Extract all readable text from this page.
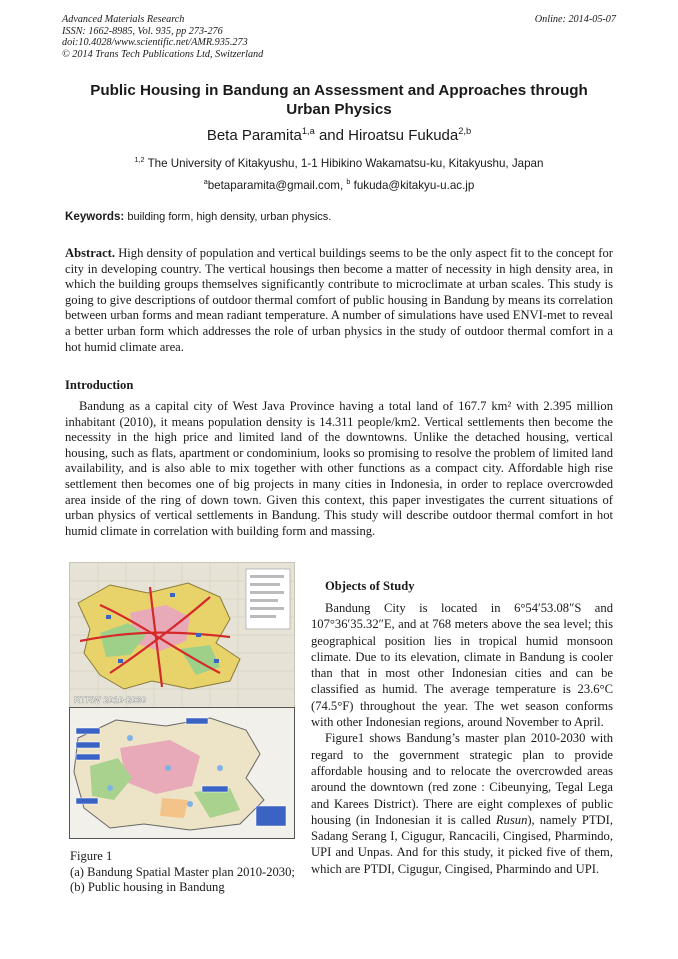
Advanced Materials Research
ISSN: 1662-8985, Vol. 935, pp 273-276
doi:10.4028/www.scientific.net/AMR.935.273
© 2014 Trans Tech Publications Ltd, Switzerland
Online: 2014-05-07
Public Housing in Bandung an Assessment and Approaches through
Urban Physics
Beta Paramita$^{1,a}$ and Hiroatsu Fukuda$^{2,b}$
$^{1,2}$ The University of Kitakyushu, 1-1 Hibikino Wakamatsu-ku, Kitakyushu, Japan
$^a$betaparamita@gmail.com, $^b$ fukuda@kitakyu-u.ac.jp
Keywords: building form, high density, urban physics.

Abstract. High density of population and vertical buildings seems to be the only aspect fit to the concept for city in developing country. The vertical housings then become a matter of necessity in high density area, in which the building groups themselves significantly contribute to microclimate at urban scales. This study is going to give descriptions of outdoor thermal comfort of public housing in Bandung by means its correlation between urban forms and mean radiant temperature. A number of simulations have used ENVI-met to reveal a better urban form which addresses the role of urban physics in the study of outdoor thermal comfort in a hot humid climate area.

Introduction

Bandung as a capital city of West Java Province having a total land of 167.7 km² with 2.395 million inhabitant (2010), it means population density is 14.311 people/km2. Vertical settlements then become the necessity in the high price and limited land of the downtowns. Unlike the detached housing, vertical housing, such as flats, apartment or condominium, looks so promising to resolve the problem of limited land availability, and is also able to mix together with other functions as a compact city. Affordable high rise settlement then becomes one of big projects in many cities in Indonesia, in order to replace overcrowded area inside of the ring of down town. Given this context, this paper investigates the current situations of urban physics of vertical settlements in Bandung. This study will describe outdoor thermal comfort in hot humid climate in correlation with building form and massing.

RTRW 2010-2030
Figure 1
(a) Bandung Spatial Master plan 2010-2030; (b) Public housing in Bandung
Objects of Study

Bandung City is located in 6°54′53.08″S and 107°36′35.32″E, and at 768 meters above the sea level; this geographical position lies in tropical humid monsoon climate. Due to its elevation, climate in Bandung is cooler than that in most other Indonesian cities and can be classified as humid. The average temperature is 23.6°C (74.5°F) throughout the year. The wet season conforms with other Indonesian regions, around November to April.

Figure1 shows Bandung’s master plan 2010-2030 with regard to the government strategic plan to provide affordable housing and to relocate the overcrowded areas around the downtown (red zone : Cibeunying, Tegal Lega and Karees District). There are eight complexes of public housing (in Indonesian it is called Rusun), namely PTDI, Sadang Serang I, Cigugur, Rancacili, Cingised, Pharmindo, UPI and Unpas. And for this study, it picked five of them, which are PTDI, Cigugur, Cingised, Pharmindo and UPI.
